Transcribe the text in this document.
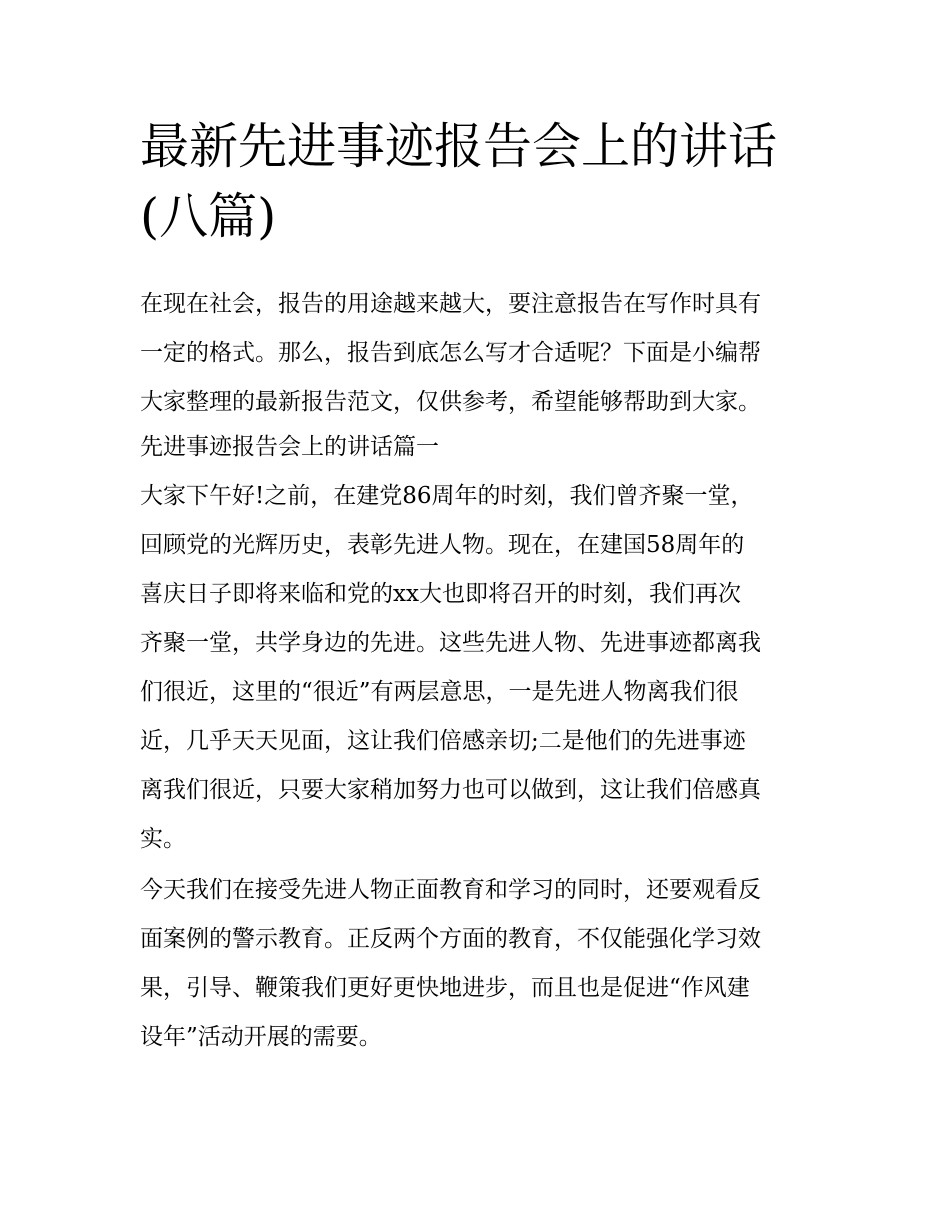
最新先进事迹报告会上的讲话
(八篇)

在现在社会，报告的用途越来越大，要注意报告在写作时具有
一定的格式。那么，报告到底怎么写才合适呢？下面是小编帮
大家整理的最新报告范文，仅供参考，希望能够帮助到大家。

先进事迹报告会上的讲话篇一

大家下午好!之前，在建党86周年的时刻，我们曾齐聚一堂，
回顾党的光辉历史，表彰先进人物。现在，在建国58周年的
喜庆日子即将来临和党的xx大也即将召开的时刻，我们再次
齐聚一堂，共学身边的先进。这些先进人物、先进事迹都离我
们很近，这里的“很近”有两层意思，一是先进人物离我们很
近，几乎天天见面，这让我们倍感亲切;二是他们的先进事迹
离我们很近，只要大家稍加努力也可以做到，这让我们倍感真
实。

今天我们在接受先进人物正面教育和学习的同时，还要观看反
面案例的警示教育。正反两个方面的教育，不仅能强化学习效
果，引导、鞭策我们更好更快地进步，而且也是促进“作风建
设年”活动开展的需要。
